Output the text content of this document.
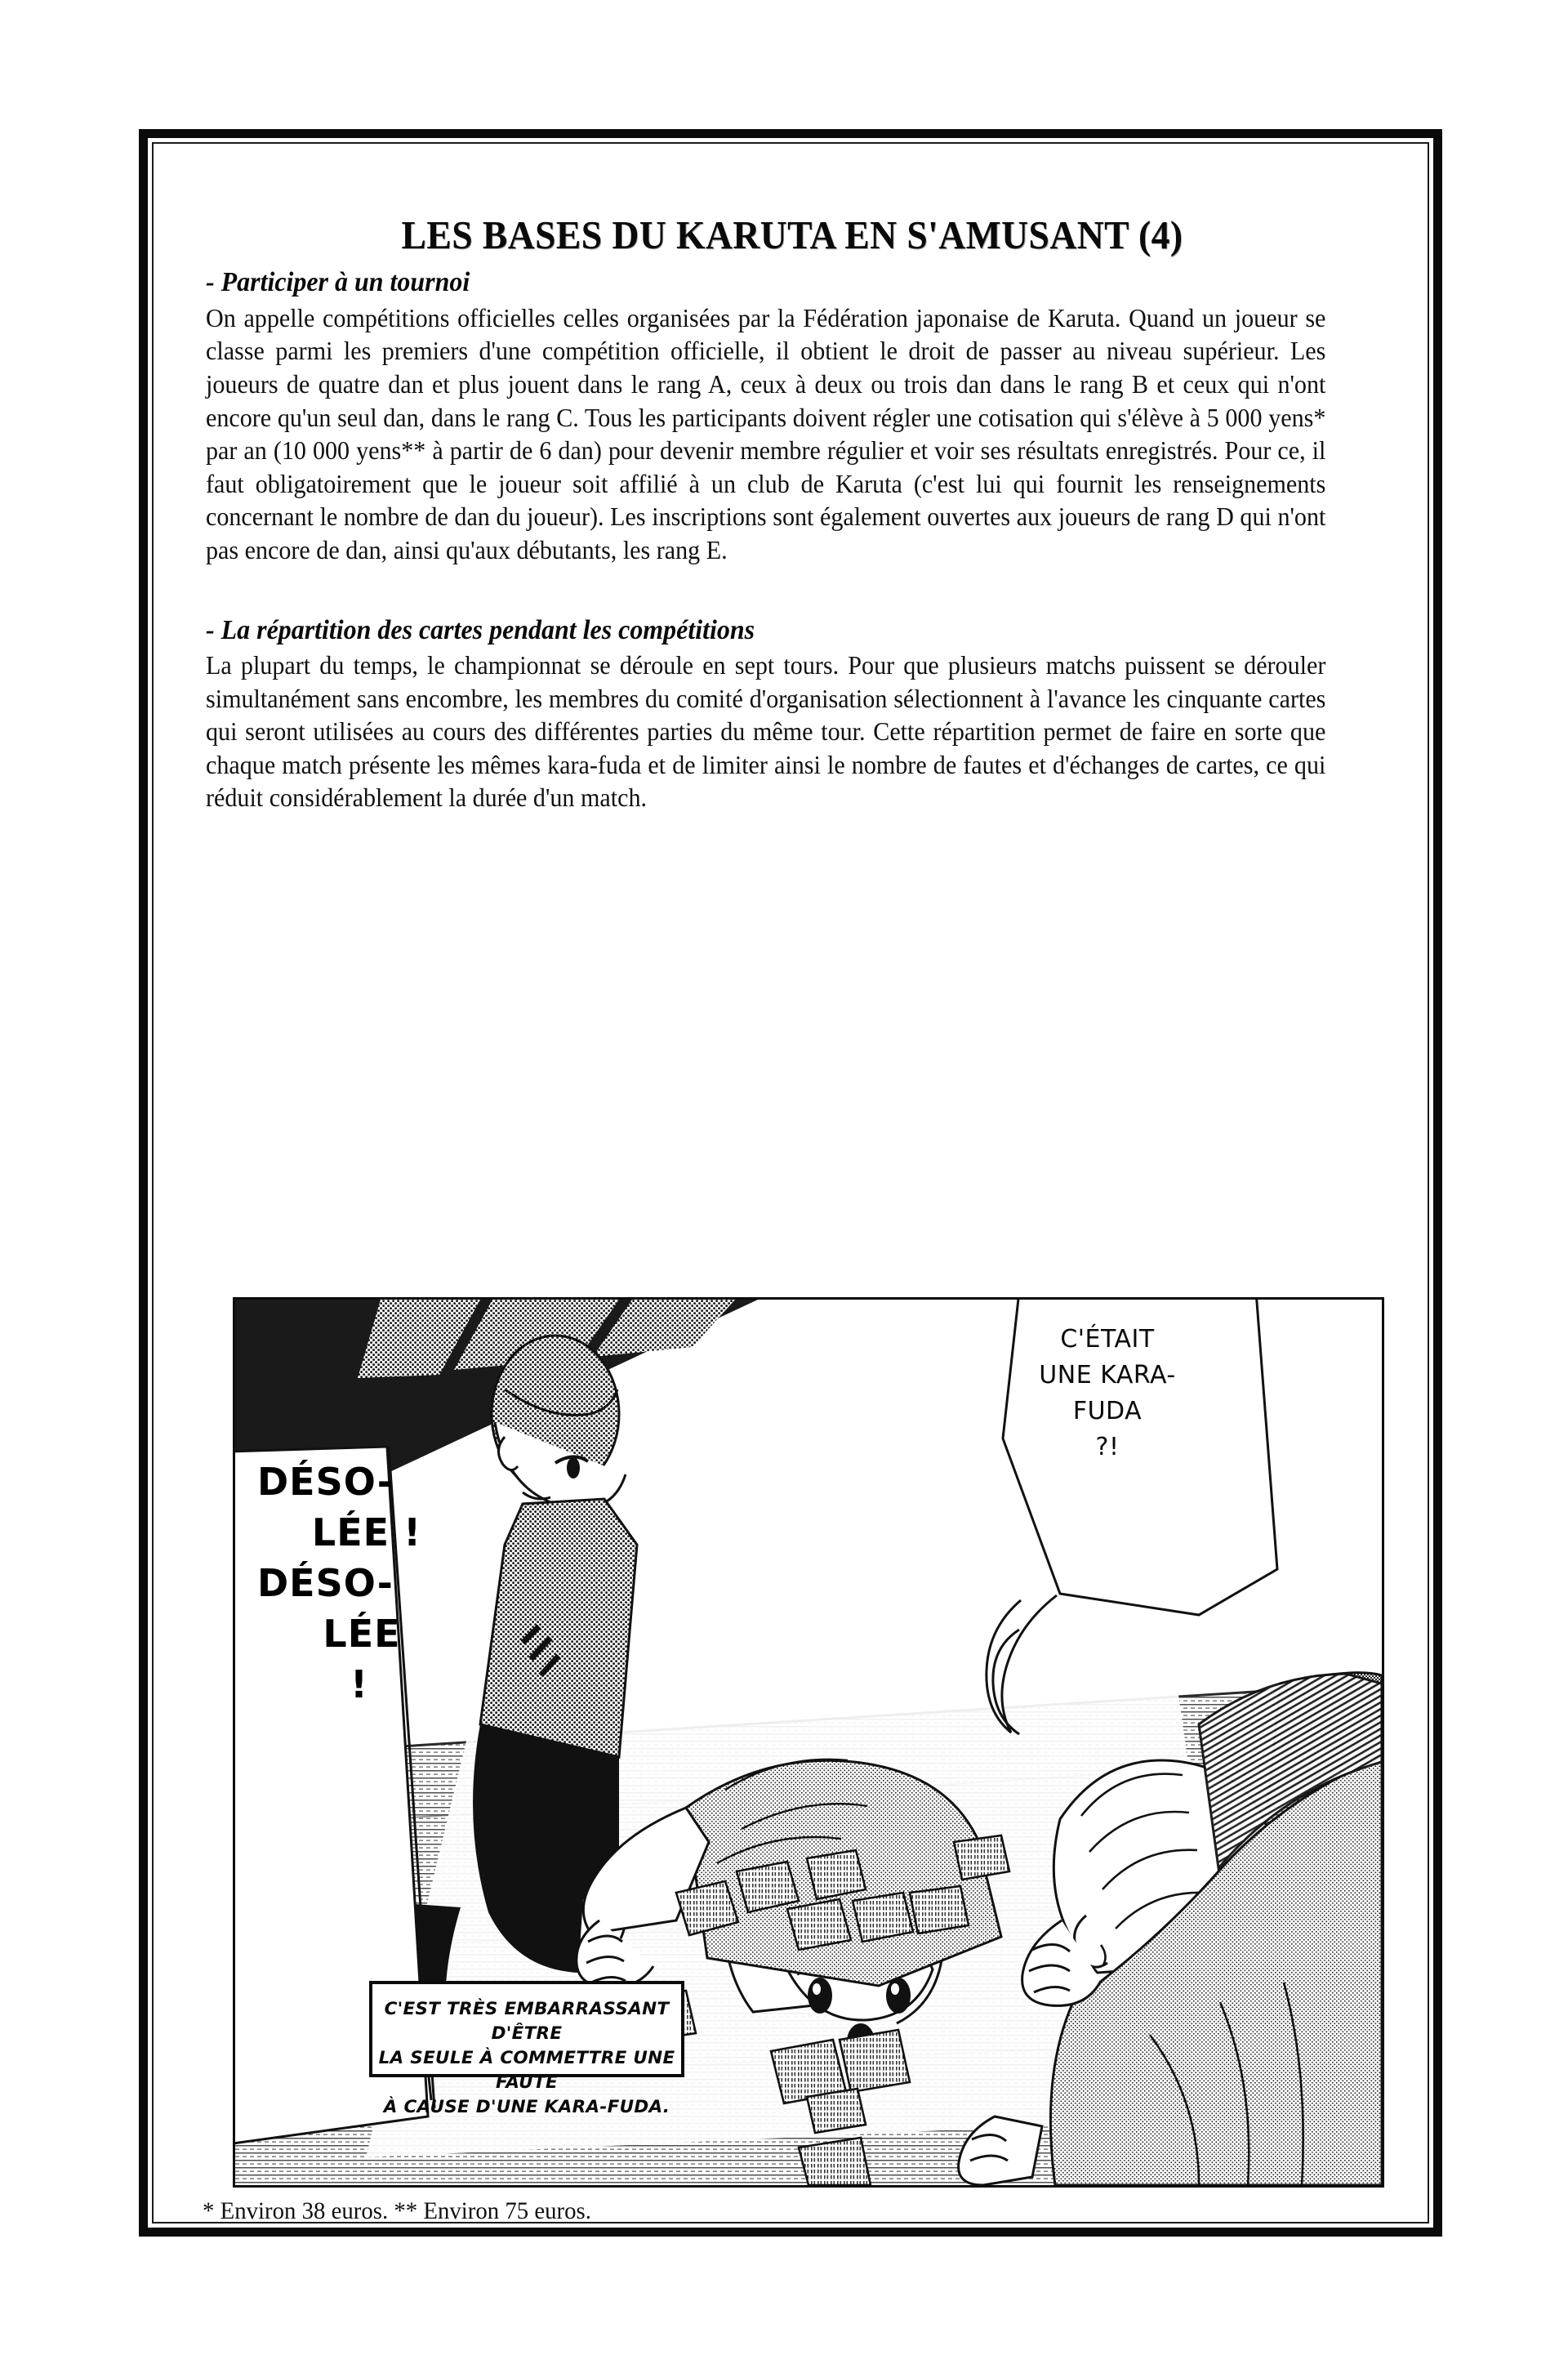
LES BASES DU KARUTA EN S'AMUSANT (4)
- Participer à un tournoi

On appelle compétitions officielles celles organisées par la Fédération japonaise de Karuta. Quand un joueur se classe parmi les premiers d'une compétition officielle, il obtient le droit de passer au niveau supérieur. Les joueurs de quatre dan et plus jouent dans le rang A, ceux à deux ou trois dan dans le rang B et ceux qui n'ont encore qu'un seul dan, dans le rang C. Tous les participants doivent régler une cotisation qui s'élève à 5 000 yens* par an (10 000 yens** à partir de 6 dan) pour devenir membre régulier et voir ses résultats enregistrés. Pour ce, il faut obligatoirement que le joueur soit affilié à un club de Karuta (c'est lui qui fournit les renseignements concernant le nombre de dan du joueur). Les inscriptions sont également ouvertes aux joueurs de rang D qui n'ont pas encore de dan, ainsi qu'aux débutants, les rang E.

- La répartition des cartes pendant les compétitions

La plupart du temps, le championnat se déroule en sept tours. Pour que plusieurs matchs puissent se dérouler simultanément sans encombre, les membres du comité d'organisation sélectionnent à l'avance les cinquante cartes qui seront utilisées au cours des différentes parties du même tour. Cette répartition permet de faire en sorte que chaque match présente les mêmes kara-fuda et de limiter ainsi le nombre de fautes et d'échanges de cartes, ce qui réduit considérablement la durée d'un match.

DÉSO-
LÉE !
DÉSO-
LÉE
!
C'ÉTAIT
UNE KARA-
FUDA
?!
C'EST TRÈS EMBARRASSANT D'ÊTRE
LA SEULE À COMMETTRE UNE FAUTE
À CAUSE D'UNE KARA-FUDA.
* Environ 38 euros. ** Environ 75 euros.
